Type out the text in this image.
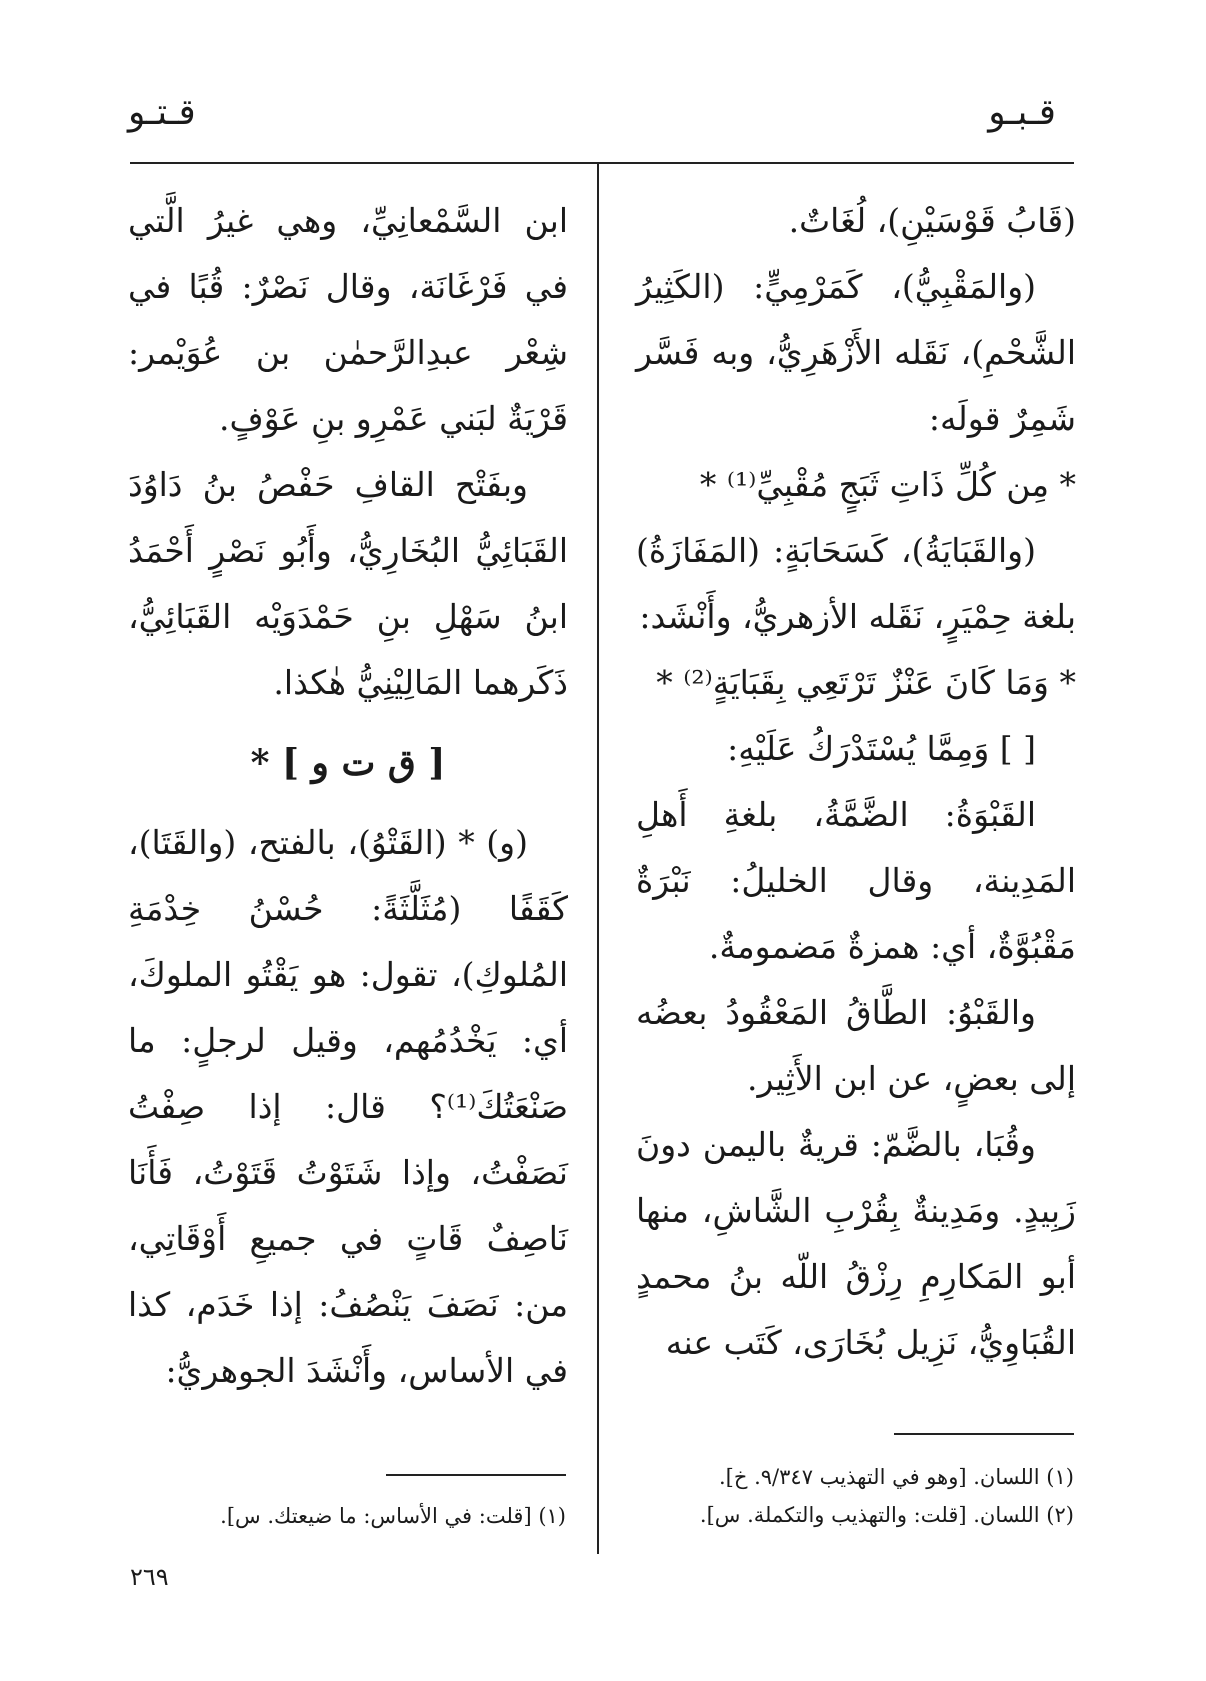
قـبـو
قـتـو

(قَابُ قَوْسَيْنِ)، لُغَاتٌ.

(والمَقْبِيُّ)، كَمَرْمِيٍّ: (الكَثِيرُ الشَّحْمِ)، نَقَله الأَزْهَرِيُّ، وبه فَسَّر شَمِرٌ قولَه:

* مِن كُلِّ ذَاتِ ثَبَجٍ مُقْبِيِّ⁽¹⁾ *

(والقَبَايَةُ)، كَسَحَابَةٍ: (المَفَازَةُ) بلغة حِمْيَرٍ، نَقَله الأزهريُّ، وأَنْشَد:

* وَمَا كَانَ عَنْزٌ تَرْتَعِي بِقَبَايَةٍ⁽²⁾ *

[ ] وَمِمَّا يُسْتَدْرَكُ عَلَيْهِ:

القَبْوَةُ: الضَّمَّةُ، بلغةِ أَهلِ المَدِينة، وقال الخليلُ: نَبْرَةٌ مَقْبُوَّةٌ، أي: همزةٌ مَضمومةٌ.

والقَبْوُ: الطَّاقُ المَعْقُودُ بعضُه إلى بعضٍ، عن ابن الأَثِير.

وقُبَا، بالضَّمّ: قريةٌ باليمن دونَ زَبِيدٍ. ومَدِينةٌ بِقُرْبِ الشَّاشِ، منها أبو المَكارِمِ رِزْقُ اللّه بنُ محمدٍ القُبَاوِيُّ، نَزِيل بُخَارَى، كَتَب عنه

ابن السَّمْعانِيِّ، وهي غيرُ الَّتي في فَرْغَانَة، وقال نَصْرٌ: قُبًا في شِعْر عبدِالرَّحمٰن بن عُوَيْمر: قَرْيَةٌ لبَني عَمْرِو بنِ عَوْفٍ.

وبفَتْح القافِ حَفْصُ بنُ دَاوُدَ القَبَائِيُّ البُخَارِيُّ، وأَبُو نَصْرٍ أَحْمَدُ ابنُ سَهْلِ بنِ حَمْدَوَيْه القَبَائِيُّ، ذَكَرهما المَالِيْنِيُّ هٰكذا.

[ ق ت و ] *

(و) * (القَتْوُ)، بالفتح، (والقَتَا)، كَقَفًا (مُثَلَّثَةً: حُسْنُ خِدْمَةِ المُلوكِ)، تقول: هو يَقْتُو الملوكَ، أي: يَخْدُمُهم، وقيل لرجلٍ: ما صَنْعَتُكَ⁽¹⁾؟ قال: إذا صِفْتُ نَصَفْتُ، وإذا شَتَوْتُ قَتَوْتُ، فَأَنَا نَاصِفٌ قَاتٍ في جميعِ أَوْقَاتِي، من: نَصَفَ يَنْصُفُ: إذا خَدَم، كذا في الأساس، وأَنْشَدَ الجوهريُّ:

(١) اللسان. [وهو في التهذيب ٩/٣٤٧. خ].

(٢) اللسان. [قلت: والتهذيب والتكملة. س].

(١) [قلت: في الأساس: ما ضيعتك. س].

٢٦٩
